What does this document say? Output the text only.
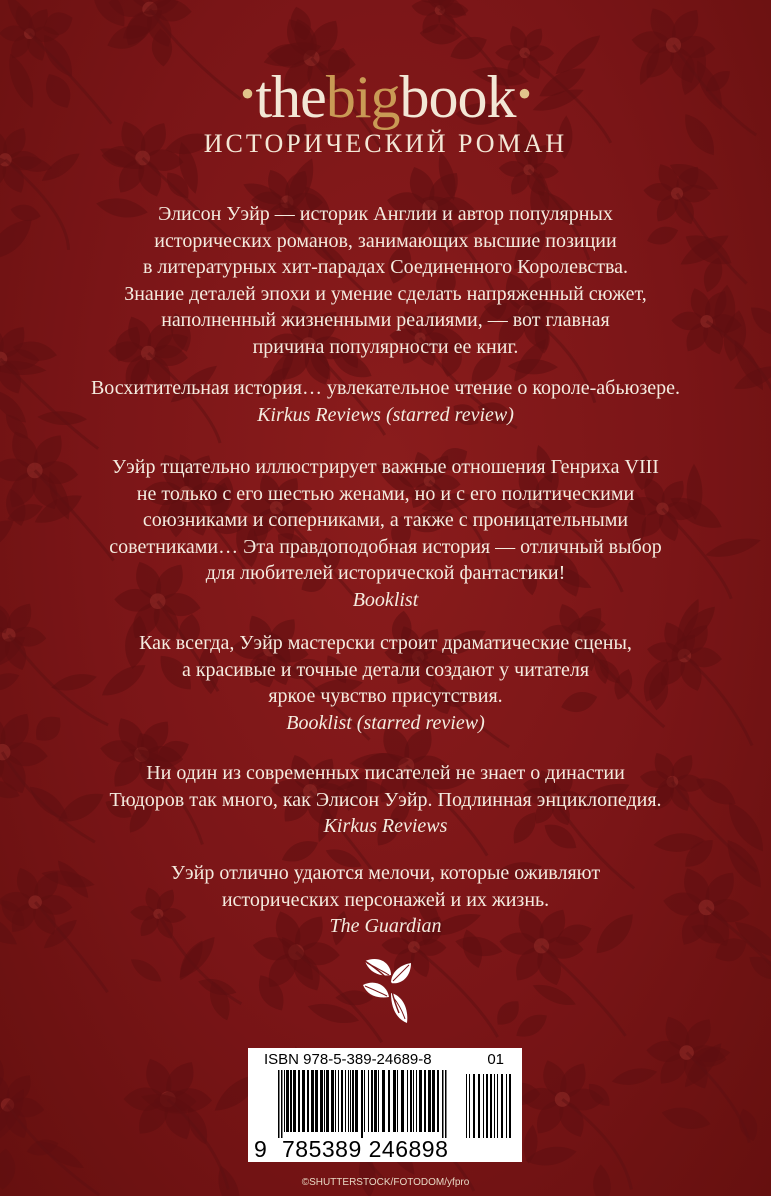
•thebigbook•
ИСТОРИЧЕСКИЙ РОМАН

Элисон Уэйр — историк Англии и автор популярных

исторических романов, занимающих высшие позиции

в литературных хит-парадах Соединенного Королевства.

Знание деталей эпохи и умение сделать напряженный сюжет,

наполненный жизненными реалиями, — вот главная

причина популярности ее книг.

Восхитительная история… увлекательное чтение о короле-абьюзере.

Kirkus Reviews (starred review)

Уэйр тщательно иллюстрирует важные отношения Генриха VIII

не только с его шестью женами, но и с его политическими

союзниками и соперниками, а также с проницательными

советниками… Эта правдоподобная история — отличный выбор

для любителей исторической фантастики!

Booklist

Как всегда, Уэйр мастерски строит драматические сцены,

а красивые и точные детали создают у читателя

яркое чувство присутствия.

Booklist (starred review)

Ни один из современных писателей не знает о династии

Тюдоров так много, как Элисон Уэйр. Подлинная энциклопедия.

Kirkus Reviews

Уэйр отлично удаются мелочи, которые оживляют

исторических персонажей и их жизнь.

The Guardian

ISBN 978-5-389-24689-8	01
9 785389 246898
©SHUTTERSTOCK/FOTODOM/yfpro
